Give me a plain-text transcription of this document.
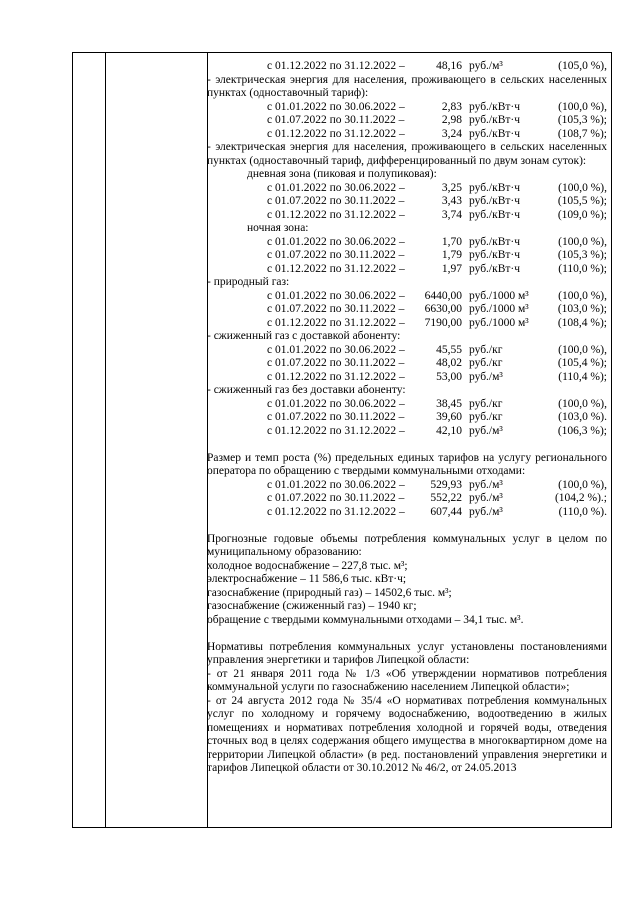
с 01.12.2022 по 31.12.2022 –	48,16 руб./м³	(105,0 %),
- электрическая энергия для населения, проживающего в сельских населенных пунктах (одноставочный тариф):
с 01.01.2022 по 30.06.2022 –	2,83 руб./кВт·ч	(100,0 %),
с 01.07.2022 по 30.11.2022 –	2,98 руб./кВт·ч	(105,3 %);
с 01.12.2022 по 31.12.2022 –	3,24 руб./кВт·ч	(108,7 %);
- электрическая энергия для населения, проживающего в сельских населенных пунктах (одноставочный тариф, дифференцированный по двум зонам суток):
дневная зона (пиковая и полупиковая):
с 01.01.2022 по 30.06.2022 –	3,25 руб./кВт·ч	(100,0 %),
с 01.07.2022 по 30.11.2022 –	3,43 руб./кВт·ч	(105,5 %);
с 01.12.2022 по 31.12.2022 –	3,74 руб./кВт·ч	(109,0 %);
ночная зона:
с 01.01.2022 по 30.06.2022 –	1,70 руб./кВт·ч	(100,0 %),
с 01.07.2022 по 30.11.2022 –	1,79 руб./кВт·ч	(105,3 %);
с 01.12.2022 по 31.12.2022 –	1,97 руб./кВт·ч	(110,0 %);
- природный газ:
с 01.01.2022 по 30.06.2022 –	6440,00 руб./1000 м³	(100,0 %),
с 01.07.2022 по 30.11.2022 –	6630,00 руб./1000 м³	(103,0 %);
с 01.12.2022 по 31.12.2022 –	7190,00 руб./1000 м³	(108,4 %);
- сжиженный газ с доставкой абоненту:
с 01.01.2022 по 30.06.2022 –	45,55 руб./кг	(100,0 %),
с 01.07.2022 по 30.11.2022 –	48,02 руб./кг	(105,4 %);
с 01.12.2022 по 31.12.2022 –	53,00 руб./м³	(110,4 %);
- сжиженный газ без доставки абоненту:
с 01.01.2022 по 30.06.2022 –	38,45 руб./кг	(100,0 %),
с 01.07.2022 по 30.11.2022 –	39,60 руб./кг	(103,0 %).
с 01.12.2022 по 31.12.2022 –	42,10 руб./м³	(106,3 %);
Размер и темп роста (%) предельных единых тарифов на услугу регионального оператора по обращению с твердыми коммунальными отходами:
с 01.01.2022 по 30.06.2022 –	529,93 руб./м³	(100,0 %),
с 01.07.2022 по 30.11.2022 –	552,22 руб./м³	(104,2 %).;
с 01.12.2022 по 31.12.2022 –	607,44 руб./м³	(110,0 %).
Прогнозные годовые объемы потребления коммунальных услуг в целом по муниципальному образованию:
холодное водоснабжение – 227,8 тыс. м³;
электроснабжение – 11 586,6 тыс. кВт·ч;
газоснабжение (природный газ) – 14502,6 тыс. м³;
газоснабжение (сжиженный газ) – 1940 кг;
обращение с твердыми коммунальными отходами – 34,1 тыс. м³.
Нормативы потребления коммунальных услуг установлены постановлениями управления энергетики и тарифов Липецкой области:
- от 21 января 2011 года № 1/3 «Об утверждении нормативов потребления коммунальной услуги по газоснабжению населением Липецкой области»;
- от 24 августа 2012 года № 35/4 «О нормативах потребления коммунальных услуг по холодному и горячему водоснабжению, водоотведению в жилых помещениях и нормативах потребления холодной и горячей воды, отведения сточных вод в целях содержания общего имущества в многоквартирном доме на территории Липецкой области» (в ред. постановлений управления энергетики и тарифов Липецкой области от 30.10.2012 № 46/2, от 24.05.2013
